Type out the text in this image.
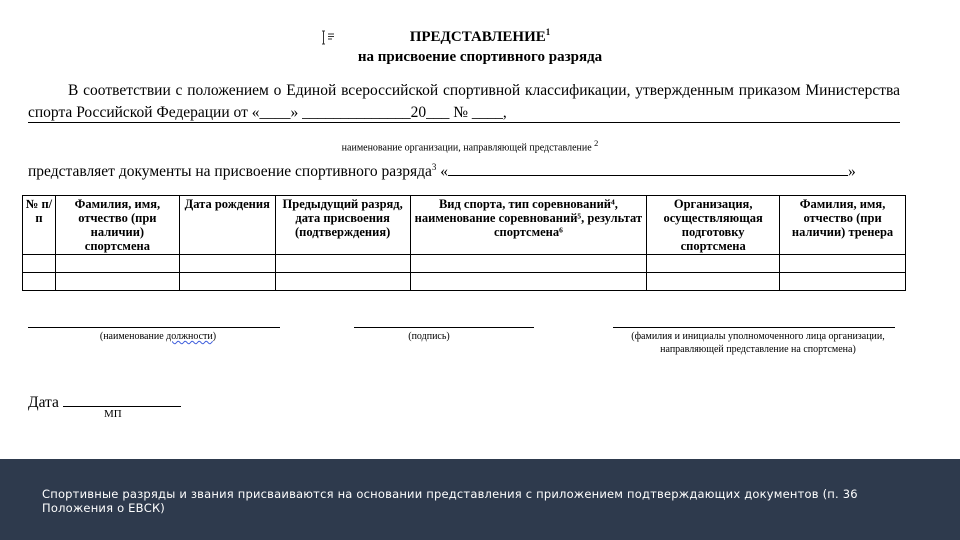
ПРЕДСТАВЛЕНИЕ$^1$
на присвоение спортивного разряда
В соответствии с положением о Единой всероссийской спортивной классификации, утвержденным приказом Министерства спорта Российской Федерации от «____» ______________20___ № ____,
наименование организации, направляющей представление $^2$
представляет документы на присвоение спортивного разряда$^3$ «	»
№ п/п	Фамилия, имя, отчество (при наличии) спортсмена	Дата рождения	Предыдущий разряд, дата присвоения (подтверждения)	Вид спорта, тип соревнований⁴, наименование соревнований⁵, результат спортсмена⁶	Организация, осуществляющая подготовку спортсмена	Фамилия, имя, отчество (при наличии) тренера

(наименование должности)	(подпись)	(фамилия и инициалы уполномоченного лица организации, направляющей представление на спортсмена)
Дата
МП
Спортивные разряды и звания присваиваются на основании представления с приложением подтверждающих документов (п. 36 Положения о ЕВСК)
